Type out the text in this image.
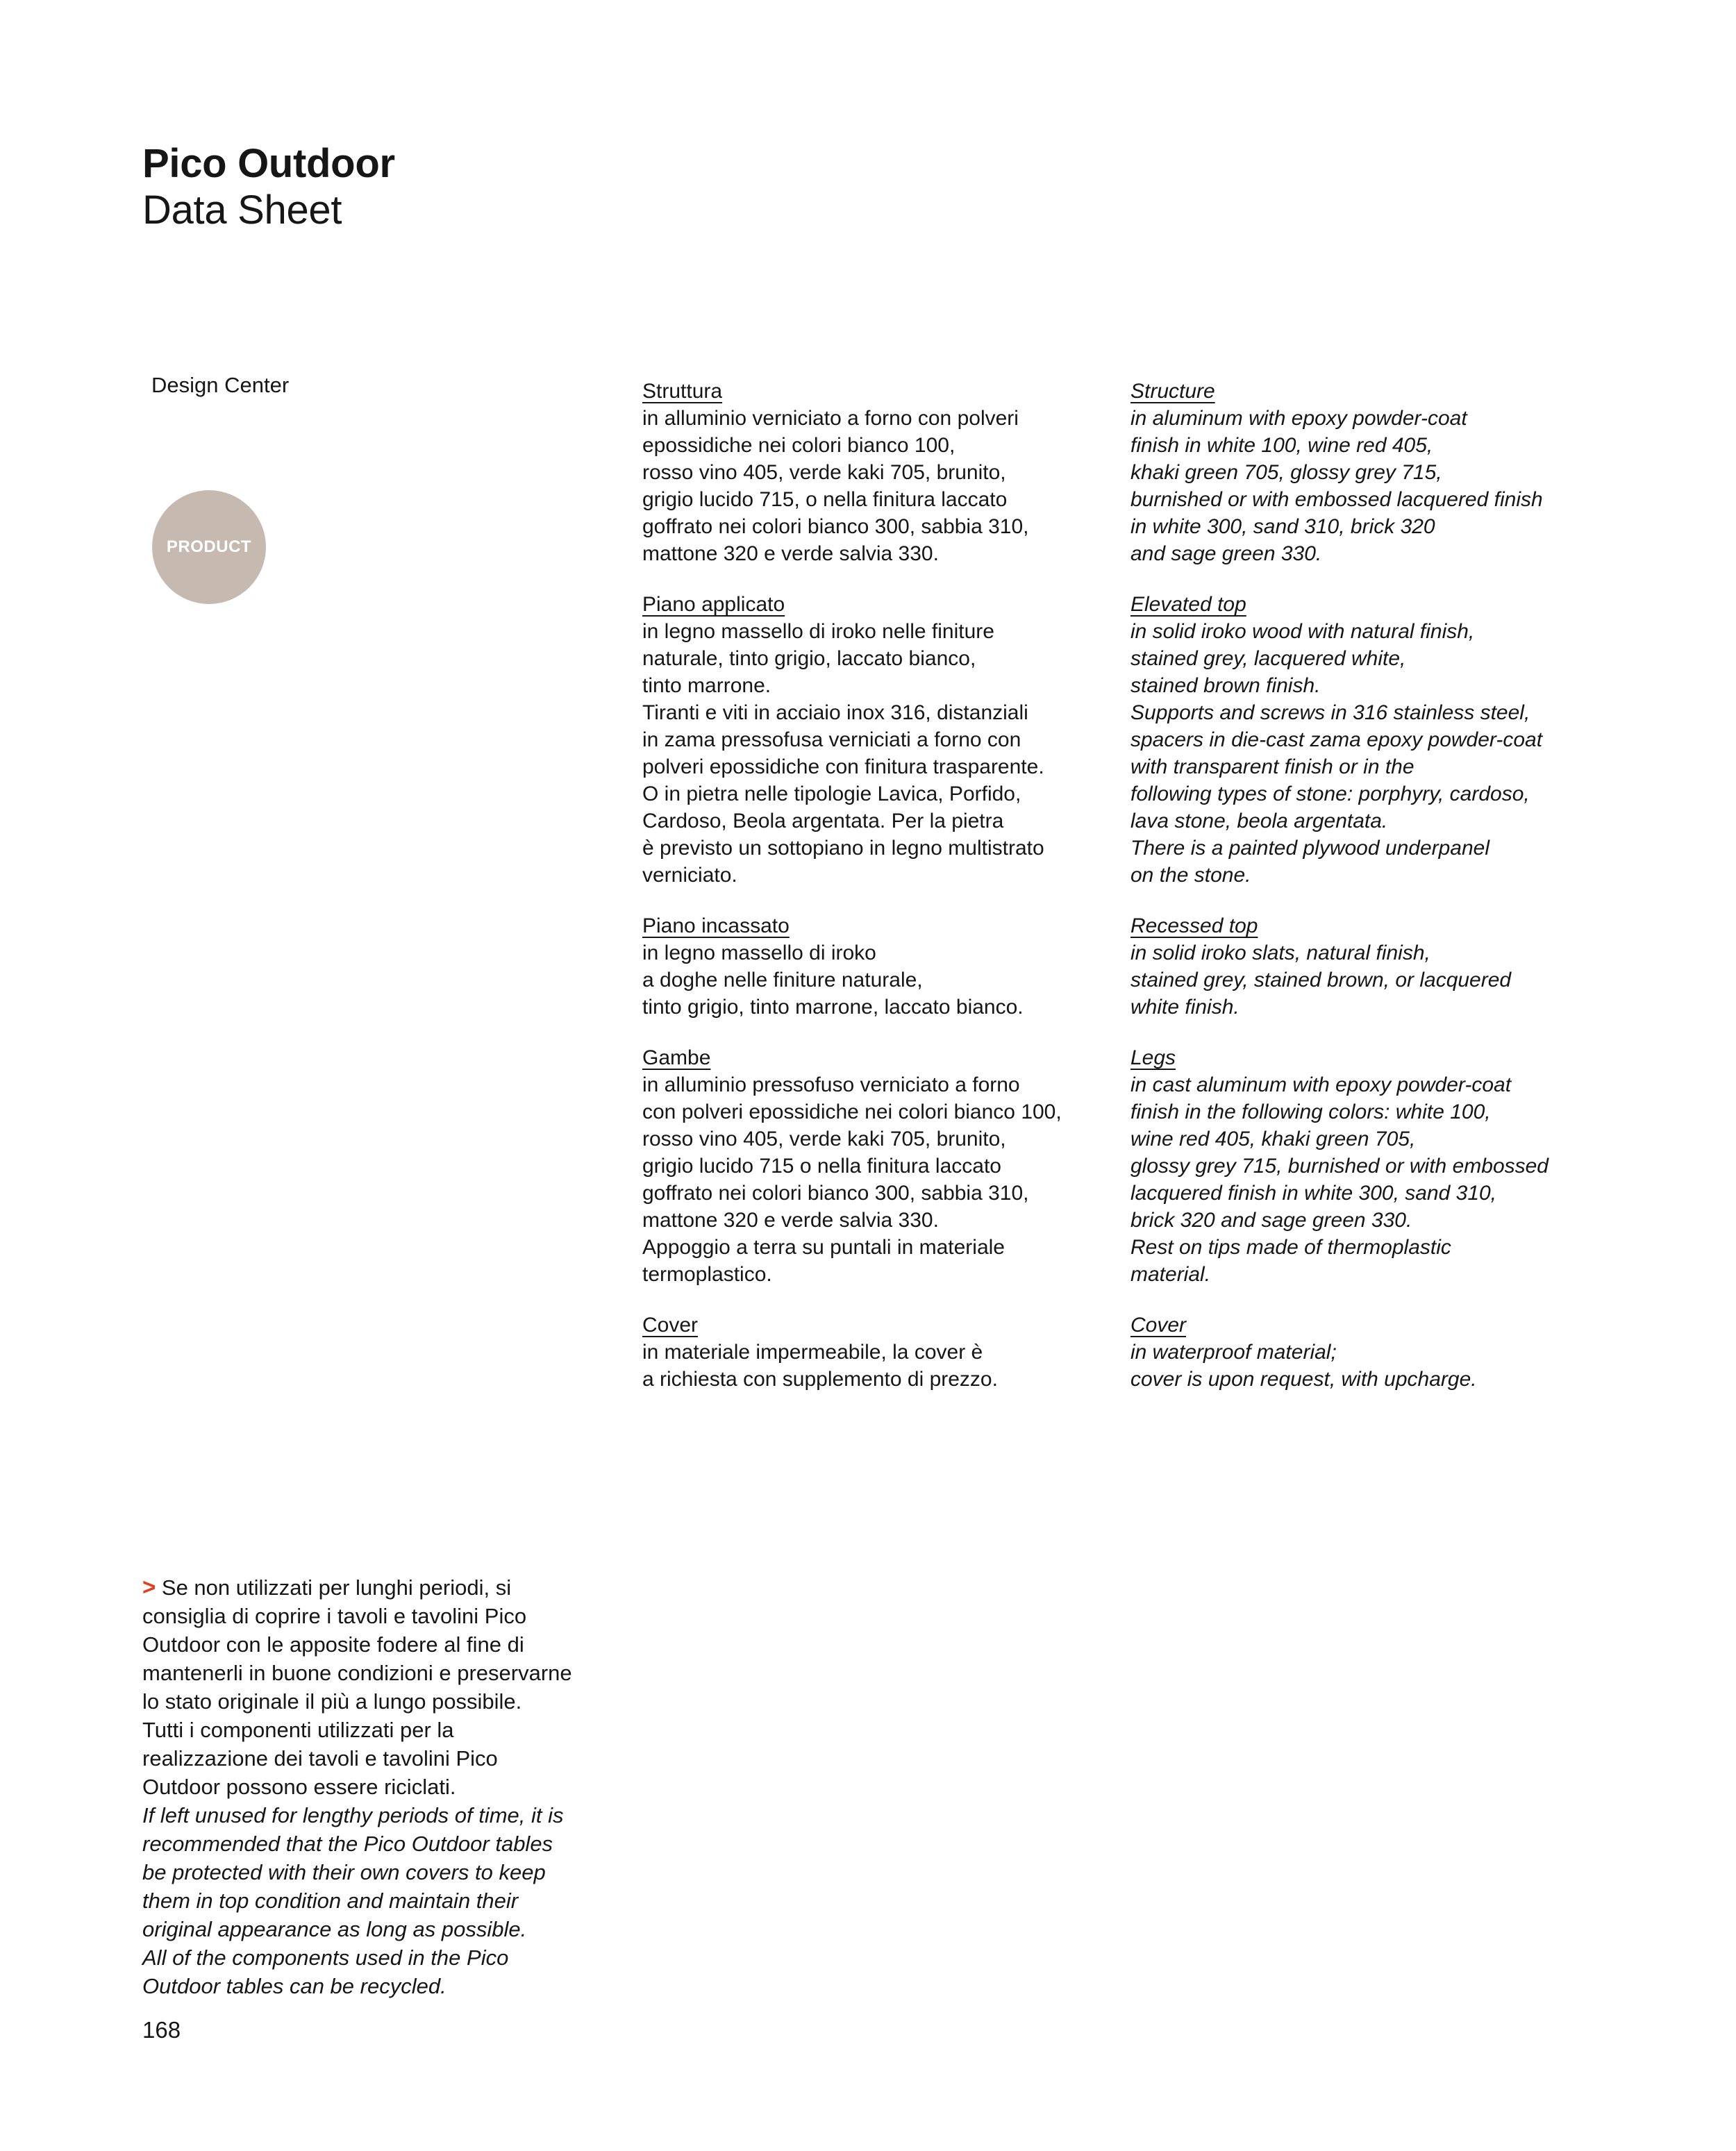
Pico Outdoor
Data Sheet
Design Center
PRODUCT
Struttura
in alluminio verniciato a forno con polveri
epossidiche nei colori bianco 100,
rosso vino 405, verde kaki 705, brunito,
grigio lucido 715, o nella finitura laccato
goffrato nei colori bianco 300, sabbia 310,
mattone 320 e verde salvia 330.
Piano applicato
in legno massello di iroko nelle finiture
naturale, tinto grigio, laccato bianco,
tinto marrone.
Tiranti e viti in acciaio inox 316, distanziali
in zama pressofusa verniciati a forno con
polveri epossidiche con finitura trasparente.
O in pietra nelle tipologie Lavica, Porfido,
Cardoso, Beola argentata. Per la pietra
è previsto un sottopiano in legno multistrato
verniciato.
Piano incassato
in legno massello di iroko
a doghe nelle finiture naturale,
tinto grigio, tinto marrone, laccato bianco.
Gambe
in alluminio pressofuso verniciato a forno
con polveri epossidiche nei colori bianco 100,
rosso vino 405, verde kaki 705, brunito,
grigio lucido 715 o nella finitura laccato
goffrato nei colori bianco 300, sabbia 310,
mattone 320 e verde salvia 330.
Appoggio a terra su puntali in materiale
termoplastico.
Cover
in materiale impermeabile, la cover è
a richiesta con supplemento di prezzo.
Structure
in aluminum with epoxy powder-coat
finish in white 100, wine red 405,
khaki green 705, glossy grey 715,
burnished or with embossed lacquered finish
in white 300, sand 310, brick 320
and sage green 330.
Elevated top
in solid iroko wood with natural finish,
stained grey, lacquered white,
stained brown finish.
Supports and screws in 316 stainless steel,
spacers in die-cast zama epoxy powder-coat
with transparent finish or in the
following types of stone: porphyry, cardoso,
lava stone, beola argentata.
There is a painted plywood underpanel
on the stone.
Recessed top
in solid iroko slats, natural finish,
stained grey, stained brown, or lacquered
white finish.
Legs
in cast aluminum with epoxy powder-coat
finish in the following colors: white 100,
wine red 405, khaki green 705,
glossy grey 715, burnished or with embossed
lacquered finish in white 300, sand 310,
brick 320 and sage green 330.
Rest on tips made of thermoplastic
material.
Cover
in waterproof material;
cover is upon request, with upcharge.

> Se non utilizzati per lunghi periodi, si
consiglia di coprire i tavoli e tavolini Pico
Outdoor con le apposite fodere al fine di
mantenerli in buone condizioni e preservarne
lo stato originale il più a lungo possibile.
Tutti i componenti utilizzati per la
realizzazione dei tavoli e tavolini Pico
Outdoor possono essere riciclati.

If left unused for lengthy periods of time, it is
recommended that the Pico Outdoor tables
be protected with their own covers to keep
them in top condition and maintain their
original appearance as long as possible.
All of the components used in the Pico
Outdoor tables can be recycled.

168
